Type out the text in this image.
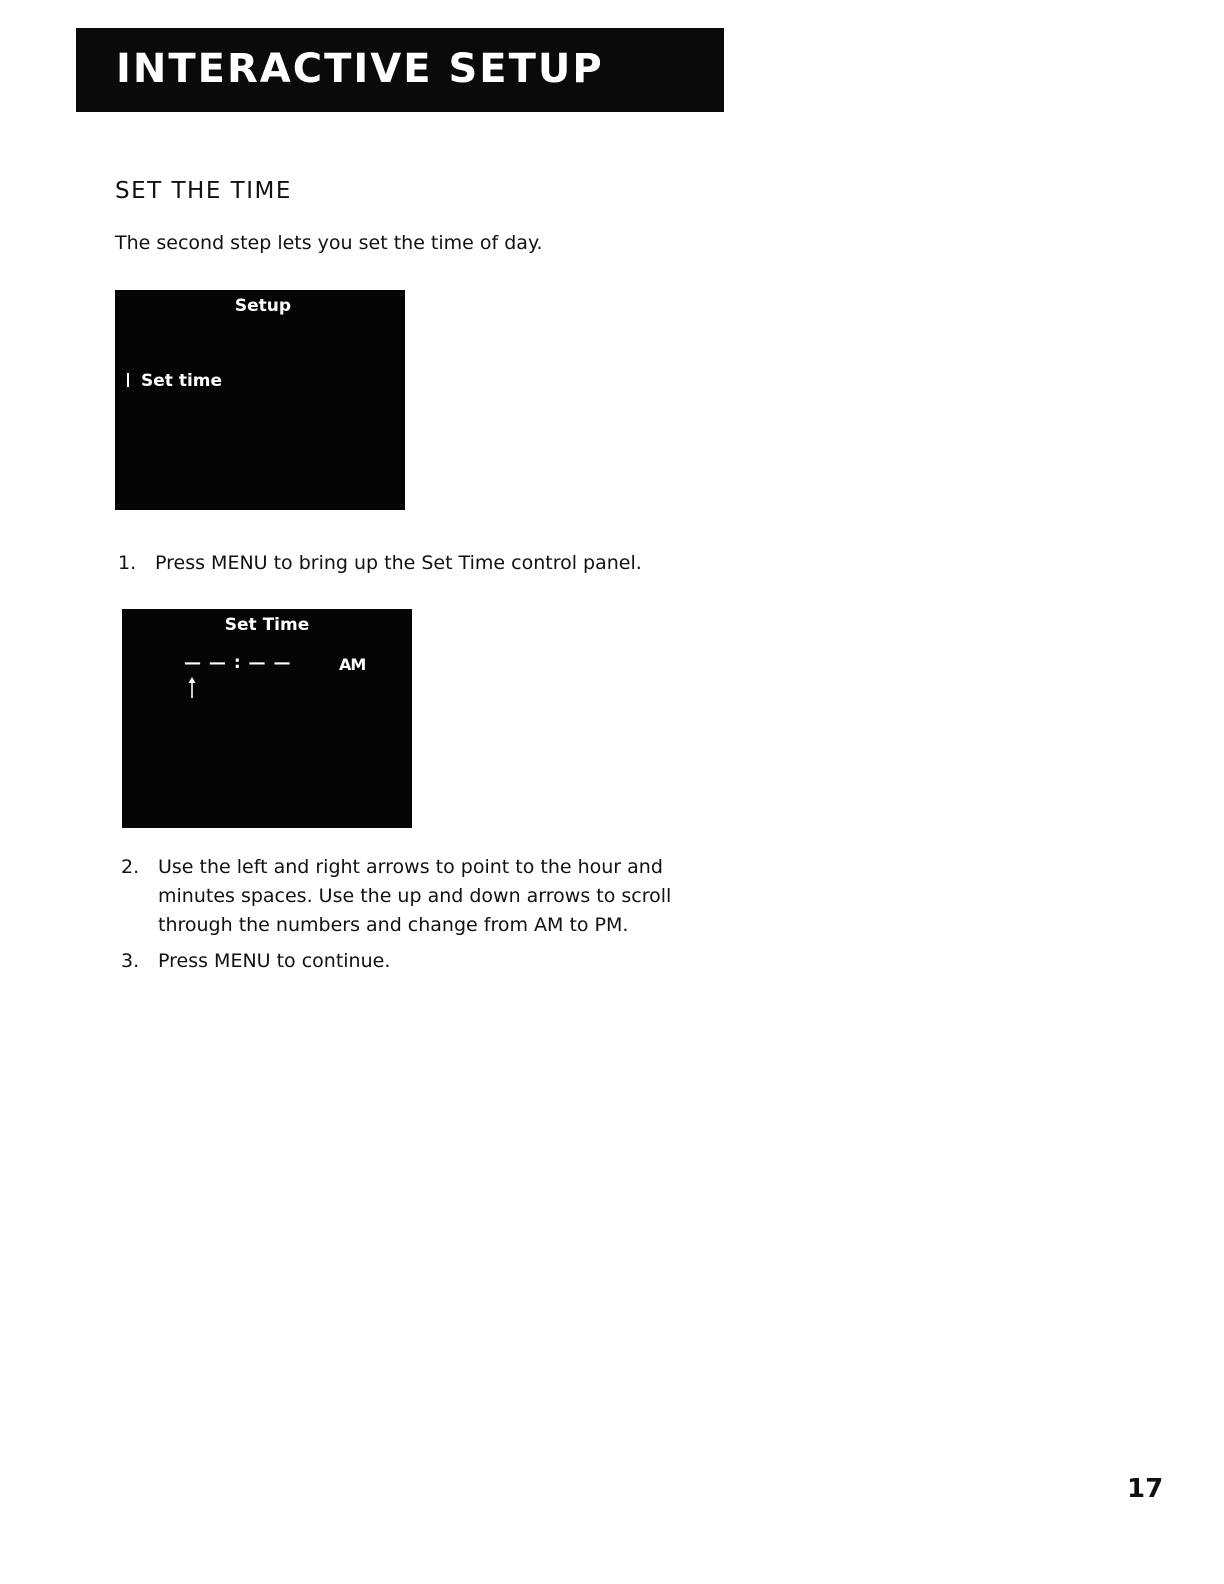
INTERACTIVE SETUP
SET THE TIME
The second step lets you set the time of day.
Setup
Set time
1. Press MENU to bring up the Set Time control panel.
Set Time
— — : — —	AM
2. Use the left and right arrows to point to the hour and
minutes spaces. Use the up and down arrows to scroll
through the numbers and change from AM to PM.
3. Press MENU to continue.
17
